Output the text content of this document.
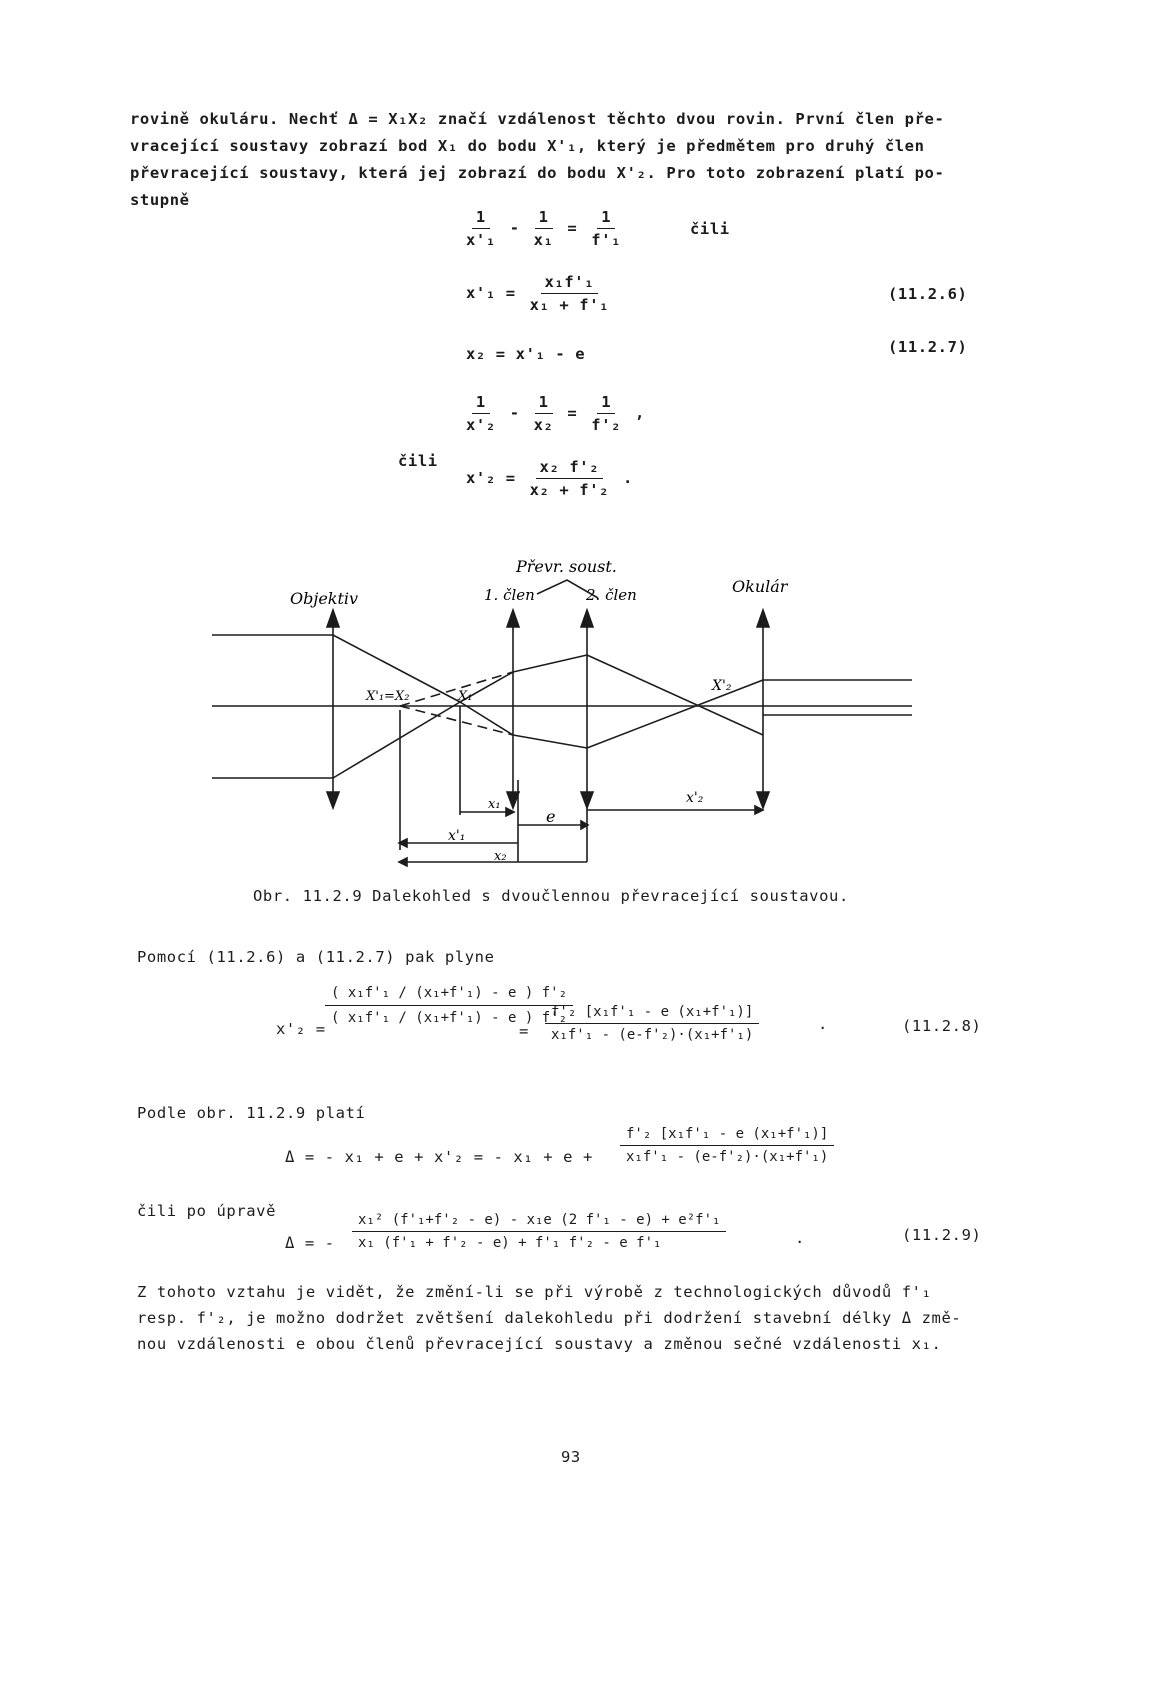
rovině okuláru. Nechť Δ = X₁X₂ značí vzdálenost těchto dvou rovin. První člen pře-
vracející soustavy zobrazí bod X₁ do bodu X'₁, který je předmětem pro druhý člen
převracející soustavy, která jej zobrazí do bodu X'₂. Pro toto zobrazení platí po-
stupně
$\frac{1}{\text{x'₁}} - \frac{1}{\text{x₁}} = \frac{1}{\text{f'₁}}$	čili
$x'_1 = \frac{\text{x₁f'₁}}{\text{x₁ + f'₁}}$	(11.2.6)
x₂ = x'₁ - e	(11.2.7)
$\frac{1}{\text{x'₂}} - \frac{1}{\text{x₂}} = \frac{1}{\text{f'₂}}$ ,
čili
$x'_2 = \frac{\text{x₂ f'₂}}{\text{x₂ + f'₂}}$ .
Převr. soust.
Objektiv	1. člen	2. člen	Okulár
X'₁=X₂	X₁
X'₂
x₁
e
x'₂
x'₁
x₂
Obr. 11.2.9 Dalekohled s dvoučlennou převracející soustavou.
Pomocí (11.2.6) a (11.2.7) pak plyne
x'₂ =
( x₁f'₁ / (x₁+f'₁) - e ) f'₂
( x₁f'₁ / (x₁+f'₁) - e ) f'₂
=
f'₂ [x₁f'₁ - e (x₁+f'₁)]
x₁f'₁ - (e-f'₂)·(x₁+f'₁)
.	(11.2.8)
Podle obr. 11.2.9 platí
Δ = - x₁ + e + x'₂ = - x₁ + e +
f'₂ [x₁f'₁ - e (x₁+f'₁)]
x₁f'₁ - (e-f'₂)·(x₁+f'₁)
čili po úpravě
Δ = -
x₁² (f'₁+f'₂ - e) - x₁e (2 f'₁ - e) + e²f'₁
x₁ (f'₁ + f'₂ - e) + f'₁ f'₂ - e f'₁	.	(11.2.9)
Z tohoto vztahu je vidět, že změní-li se při výrobě z technologických důvodů f'₁
resp. f'₂, je možno dodržet zvětšení dalekohledu při dodržení stavební délky Δ změ-
nou vzdálenosti e obou členů převracející soustavy a změnou sečné vzdálenosti x₁.
93
